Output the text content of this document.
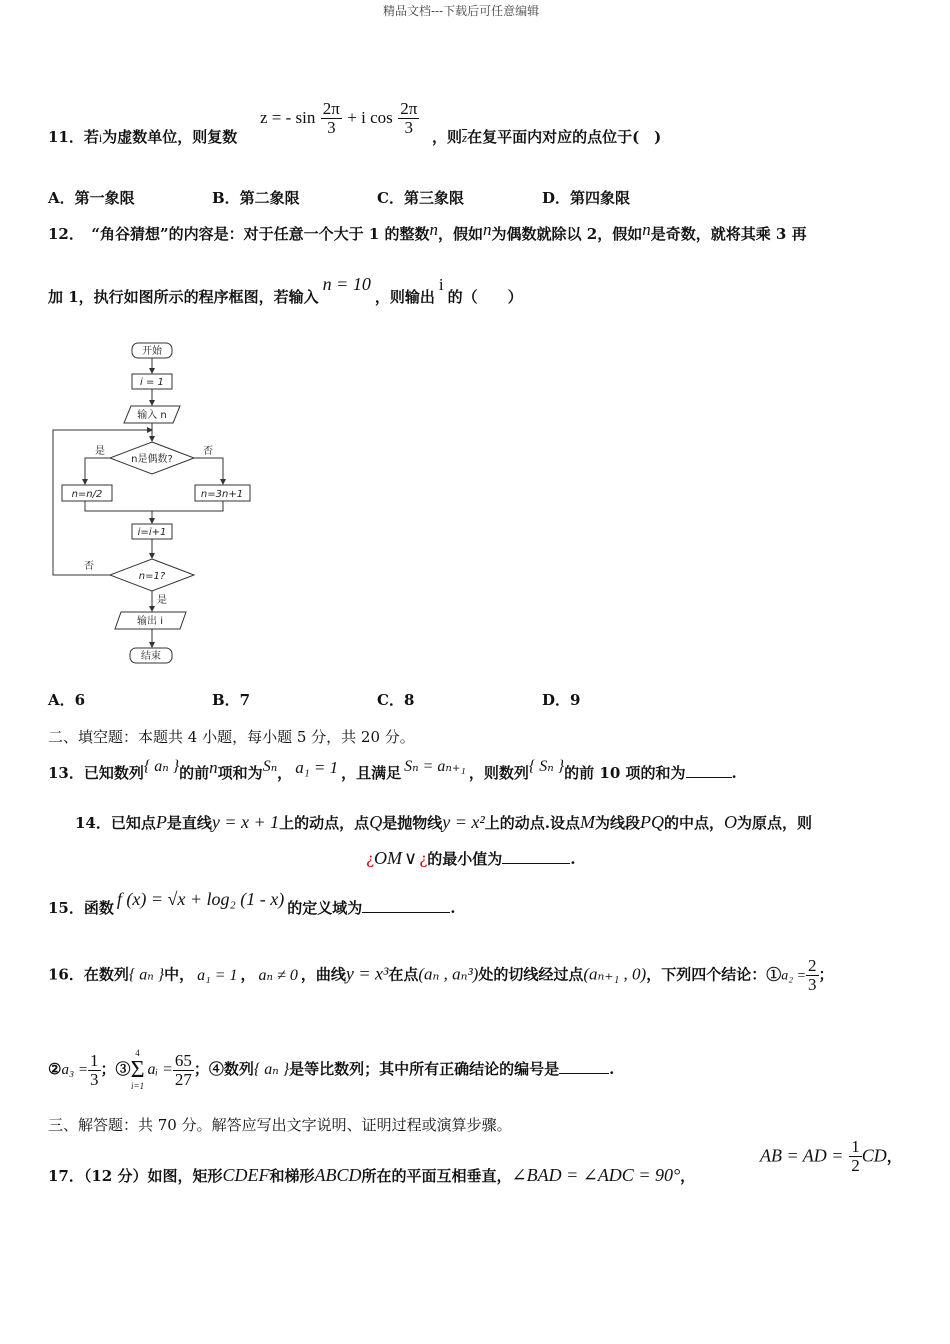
精品文档---下载后可任意编辑
11．若i为虚数单位，则复数
z = - $\sin \frac{2\pi}{3} + i$ $\cos \frac{2\pi}{3}$ ，则$\overline{z}$在复平面内对应的点位于(　)
A．第一象限	B．第二象限	C．第三象限	D．第四象限
12．　“角谷猜想”的内容是：对于任意一个大于 1 的整数n，假如n为偶数就除以 2，假如n是奇数，就将其乘 3 再
加 1，执行如图所示的程序框图，若输入n = 10，则输出i的（　　）
开始
i = 1
输入 n
n是偶数?
是	否
n=n/2	n=3n+1
i=i+1
n=1?
否
是
输出 i
结束
A．6	B．7	C．8	D．9
二、填空题：本题共 4 小题，每小题 5 分，共 20 分。
13．已知数列{ aₙ }的前n项和为Sₙ， a₁ = 1 ，且满足 Sₙ = aₙ₊₁ ，则数列{ Sₙ }的前 10 项的和为	.
14．已知点P是直线y = x + 1上的动点，点Q是抛物线y = x²上的动点.设点M为线段PQ的中点，O为原点，则
¿OM ∨ ¿的最小值为	.
15．函数 f (x) = √x + log₂ (1 - x) 的定义域为	.
16．在数列{ aₙ }中， a₁ = 1 ， aₙ ≠ 0 ，曲线y = x³在点(aₙ , aₙ³)处的切线经过点(aₙ₊₁ , 0)，下列四个结论：①a₂ = $\frac{2}{3}$ ；
②a₃ = $\frac{1}{3}$ ；③
4
Σ
i=1
aᵢ = $\frac{65}{27}$ ；④数列{ aₙ }是等比数列；其中所有正确结论的编号是	.
三、解答题：共 70 分。解答应写出文字说明、证明过程或演算步骤。
17．（12 分）如图，矩形CDEF和梯形ABCD所在的平面互相垂直，∠BAD = ∠ADC = 90°，
AB = AD = $\frac{1}{2}$ CD，
